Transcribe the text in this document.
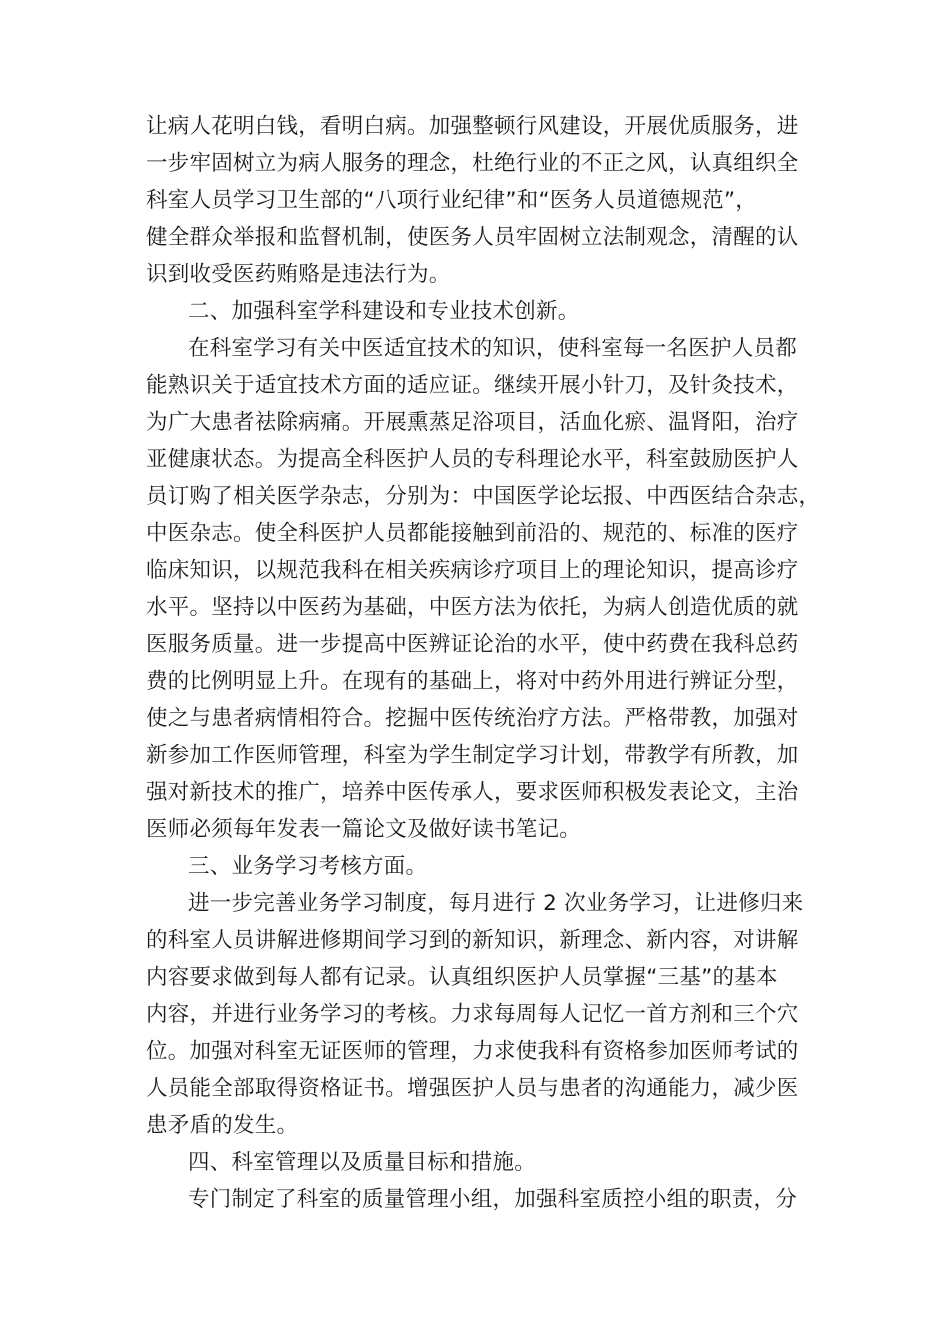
让病人花明白钱，看明白病。加强整顿行风建设，开展优质服务，进
一步牢固树立为病人服务的理念，杜绝行业的不正之风，认真组织全
科室人员学习卫生部的“八项行业纪律”和“医务人员道德规范”，
健全群众举报和监督机制，使医务人员牢固树立法制观念，清醒的认
识到收受医药贿赂是违法行为。
二、加强科室学科建设和专业技术创新。
在科室学习有关中医适宜技术的知识，使科室每一名医护人员都
能熟识关于适宜技术方面的适应证。继续开展小针刀，及针灸技术，
为广大患者祛除病痛。开展熏蒸足浴项目，活血化瘀、温肾阳，治疗
亚健康状态。为提高全科医护人员的专科理论水平，科室鼓励医护人
员订购了相关医学杂志，分别为：中国医学论坛报、中西医结合杂志，
中医杂志。使全科医护人员都能接触到前沿的、规范的、标准的医疗
临床知识，以规范我科在相关疾病诊疗项目上的理论知识，提高诊疗
水平。坚持以中医药为基础，中医方法为依托，为病人创造优质的就
医服务质量。进一步提高中医辨证论治的水平，使中药费在我科总药
费的比例明显上升。在现有的基础上，将对中药外用进行辨证分型，
使之与患者病情相符合。挖掘中医传统治疗方法。严格带教，加强对
新参加工作医师管理，科室为学生制定学习计划，带教学有所教，加
强对新技术的推广，培养中医传承人，要求医师积极发表论文，主治
医师必须每年发表一篇论文及做好读书笔记。
三、业务学习考核方面。
进一步完善业务学习制度，每月进行 2 次业务学习，让进修归来
的科室人员讲解进修期间学习到的新知识，新理念、新内容，对讲解
内容要求做到每人都有记录。认真组织医护人员掌握“三基”的基本
内容，并进行业务学习的考核。力求每周每人记忆一首方剂和三个穴
位。加强对科室无证医师的管理，力求使我科有资格参加医师考试的
人员能全部取得资格证书。增强医护人员与患者的沟通能力，减少医
患矛盾的发生。
四、科室管理以及质量目标和措施。
专门制定了科室的质量管理小组，加强科室质控小组的职责，分
